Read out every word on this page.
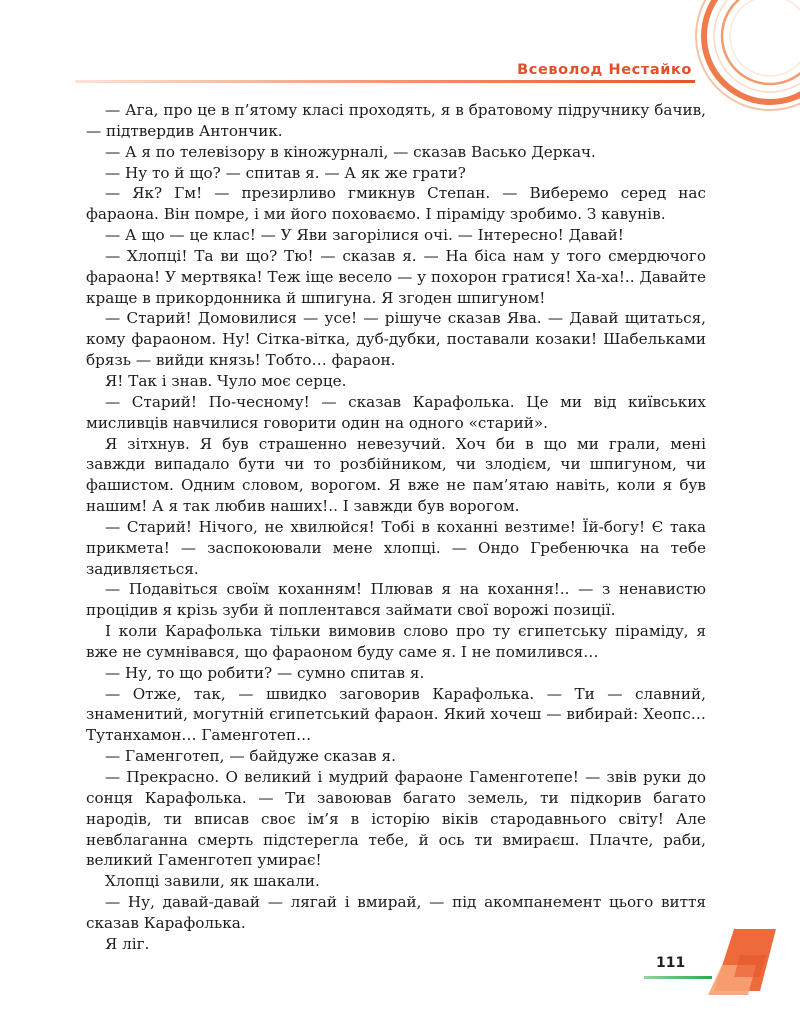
Всеволод Нестайко

— Ага, про це в п’ятому класі проходять, я в братовому підручнику бачив, — підтвердив Антончик.

— А я по телевізору в кіножурналі, — сказав Васько Деркач.

— Ну то й що? — спитав я. — А як же грати?

— Як? Гм! — презирливо гмикнув Степан. — Виберемо серед нас фараона. Він помре, і ми його поховаємо. І піраміду зробимо. З кавунів.

— А що — це клас! — У Яви загорілися очі. — Інтересно! Давай!

— Хлопці! Та ви що? Тю! — сказав я. — На біса нам у того смердючого фараона! У мертвяка! Теж іще весело — у похорон гратися! Ха-ха!.. Давайте краще в прикордонника й шпигуна. Я згоден шпигуном!

— Старий! Домовилися — усе! — рішуче сказав Ява. — Давай щитаться, кому фараоном. Ну! Сітка-вітка, дуб-дубки, поставали козаки! Шабельками брязь — вийди князь! Тобто… фараон.

Я! Так і знав. Чуло моє серце.

— Старий! По-чесному! — сказав Карафолька. Це ми від київських мисливців навчилися говорити один на одного «старий».

Я зітхнув. Я був страшенно невезучий. Хоч би в що ми грали, мені завжди випадало бути чи то розбійником, чи злодієм, чи шпигуном, чи фашистом. Одним словом, ворогом. Я вже не пам’ятаю навіть, коли я був нашим! А я так любив наших!.. І завжди був ворогом.

— Старий! Нічого, не хвилюйся! Тобі в коханні везтиме! Їй-богу! Є така прикмета! — заспокоювали мене хлопці. — Ондо Гребенючка на тебе задивляється.

— Подавіться своїм коханням! Плював я на кохання!.. — з ненавистю процідив я крізь зуби й поплентався займати свої ворожі позиції.

І коли Карафолька тільки вимовив слово про ту єгипетську піраміду, я вже не сумнівався, що фараоном буду саме я. І не помилився…

— Ну, то що робити? — сумно спитав я.

— Отже, так, — швидко заговорив Карафолька. — Ти — славний, знаменитий, могутній єгипетський фараон. Який хочеш — вибирай: Хеопс… Тутанхамон… Гаменготеп…

— Гаменготеп, — байдуже сказав я.

— Прекрасно. О великий і мудрий фараоне Гаменготепе! — звів руки до сонця Карафолька. — Ти завоював багато земель, ти підкорив багато народів, ти вписав своє ім’я в історію віків стародавнього світу! Але невблаганна смерть підстерегла тебе, й ось ти вмираєш. Плачте, раби, великий Гаменготеп умирає!

Хлопці завили, як шакали.

— Ну, давай-давай — лягай і вмирай, — під акомпанемент цього виття сказав Карафолька.

Я ліг.

111
